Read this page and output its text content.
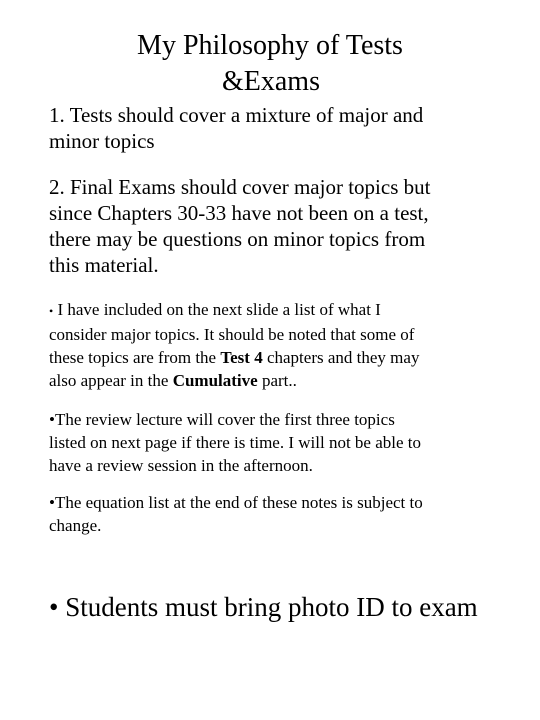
My Philosophy of Tests
&Exams
1. Tests should cover a mixture of major and
minor topics
2. Final Exams should cover major topics but
since Chapters 30-33 have not been on a test,
there may be questions on minor topics from
this material.
• I have included on the next slide a list of what I
consider major topics. It should be noted that some of
these topics are from the Test 4 chapters and they may
also appear in the Cumulative part..
•The review lecture will cover the first three topics
listed on next page if there is time. I will not be able to
have a review session in the afternoon.
•The equation list at the end of these notes is subject to
change.
• Students must bring photo ID to exam
